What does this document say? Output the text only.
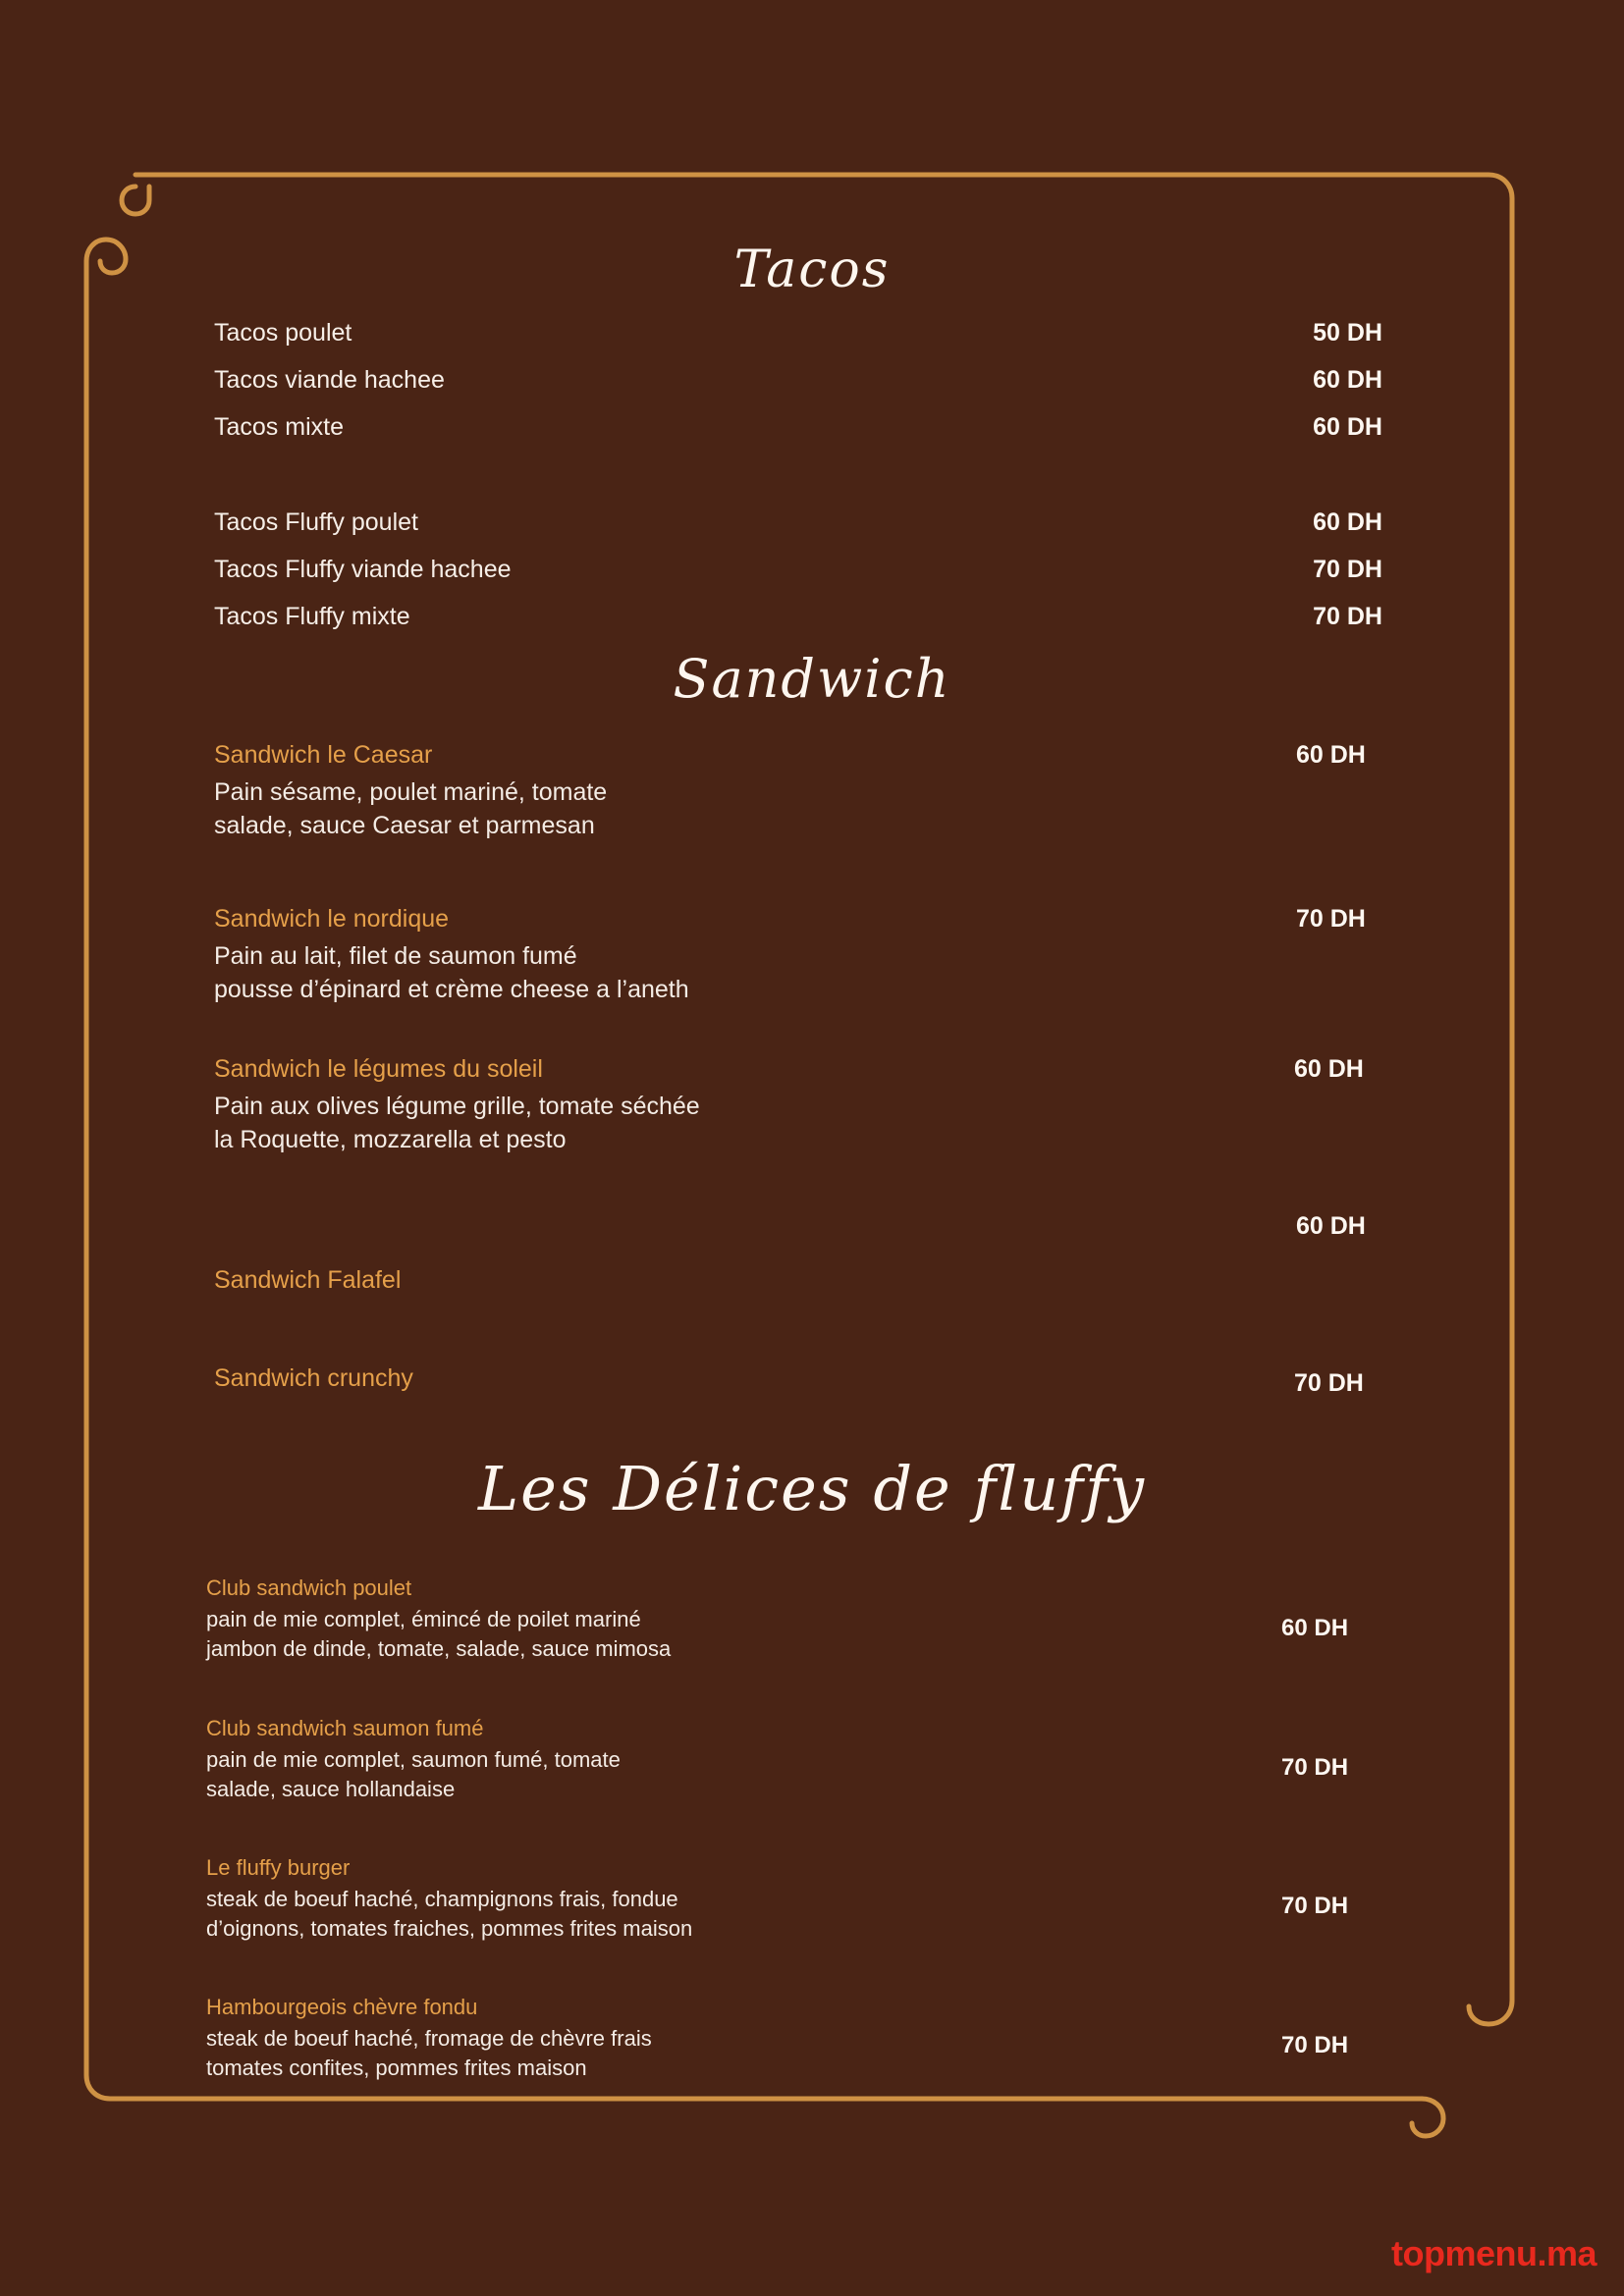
Tacos
Tacos poulet	50 DH
Tacos viande hachee	60 DH
Tacos mixte	60 DH
Tacos Fluffy poulet	60 DH
Tacos Fluffy viande hachee	70 DH
Tacos Fluffy mixte	70 DH
Sandwich
Sandwich le Caesar
Pain sésame, poulet mariné, tomate
salade, sauce Caesar et parmesan
60 DH
Sandwich le nordique
Pain au lait, filet de saumon fumé
pousse d’épinard et crème cheese a l’aneth
70 DH
Sandwich le légumes du soleil
Pain aux olives légume grille, tomate séchée
la Roquette, mozzarella et pesto
60 DH
Sandwich Falafel
60 DH
Sandwich crunchy	70 DH
Les Délices de fluffy
Club sandwich poulet
pain de mie complet, émincé de poilet mariné
jambon de dinde, tomate, salade, sauce mimosa
60 DH
Club sandwich saumon fumé
pain de mie complet, saumon fumé, tomate
salade, sauce hollandaise
70 DH
Le fluffy burger
steak de boeuf haché, champignons frais, fondue
d’oignons, tomates fraiches, pommes frites maison
70 DH
Hambourgeois chèvre fondu
steak de boeuf haché, fromage de chèvre frais
tomates confites, pommes frites maison
70 DH
topmenu.ma
